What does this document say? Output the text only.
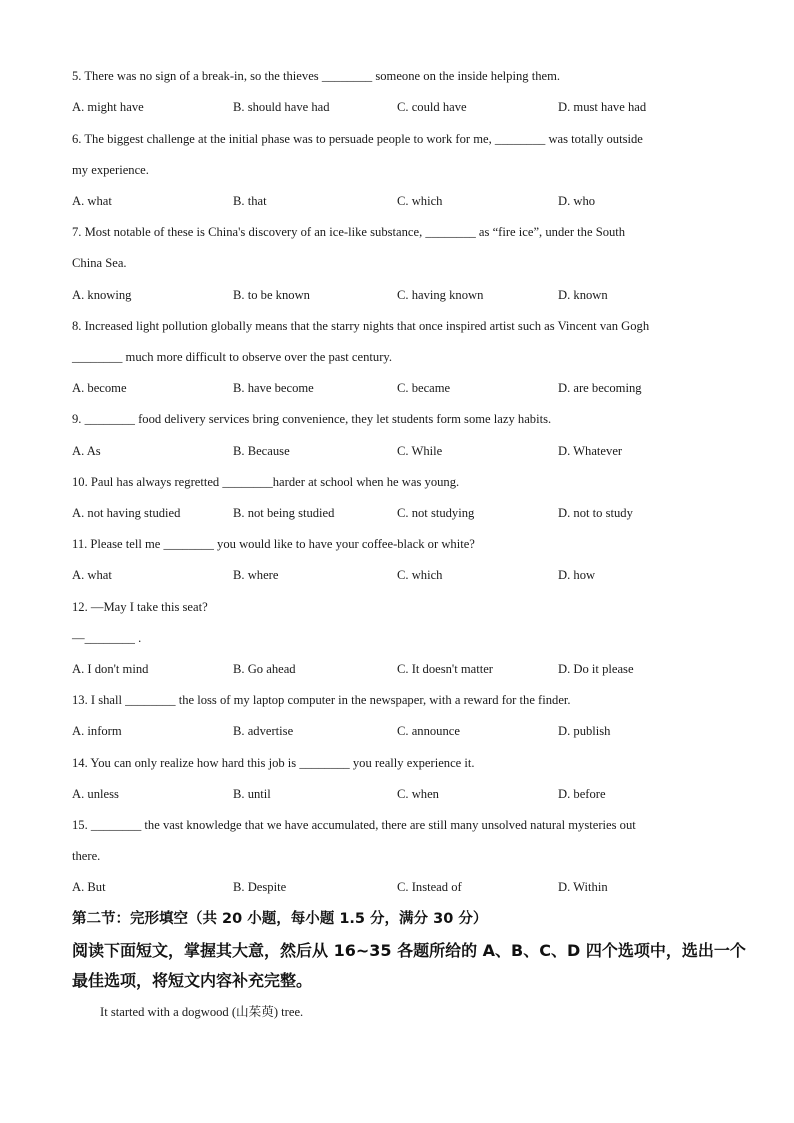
5. There was no sign of a break-in, so the thieves ________ someone on the inside helping them.
A. might have	B. should have had	C. could have	D. must have had
6. The biggest challenge at the initial phase was to persuade people to work for me, ________ was totally outside
my experience.
A. what	B. that	C. which	D. who
7. Most notable of these is China's discovery of an ice-like substance, ________ as “fire ice”, under the South
China Sea.
A. knowing	B. to be known	C. having known	D. known
8. Increased light pollution globally means that the starry nights that once inspired artist such as Vincent van Gogh
________ much more difficult to observe over the past century.
A. become	B. have become	C. became	D. are becoming
9. ________ food delivery services bring convenience, they let students form some lazy habits.
A. As	B. Because	C. While	D. Whatever
10. Paul has always regretted ________harder at school when he was young.
A. not having studied	B. not being studied	C. not studying	D. not to study
11. Please tell me ________ you would like to have your coffee-black or white?
A. what	B. where	C. which	D. how
12. —May I take this seat?
—________ .
A. I don't mind	B. Go ahead	C. It doesn't matter	D. Do it please
13. I shall ________ the loss of my laptop computer in the newspaper, with a reward for the finder.
A. inform	B. advertise	C. announce	D. publish
14. You can only realize how hard this job is ________ you really experience it.
A. unless	B. until	C. when	D. before
15. ________ the vast knowledge that we have accumulated, there are still many unsolved natural mysteries out
there.
A. But	B. Despite	C. Instead of	D. Within
第二节：完形填空（共 20 小题，每小题 1.5 分，满分 30 分）
阅读下面短文，掌握其大意，然后从 16~35 各题所给的 A、B、C、D 四个选项中，选出一个
最佳选项，将短文内容补充完整。
It started with a dogwood (山茱萸) tree.
